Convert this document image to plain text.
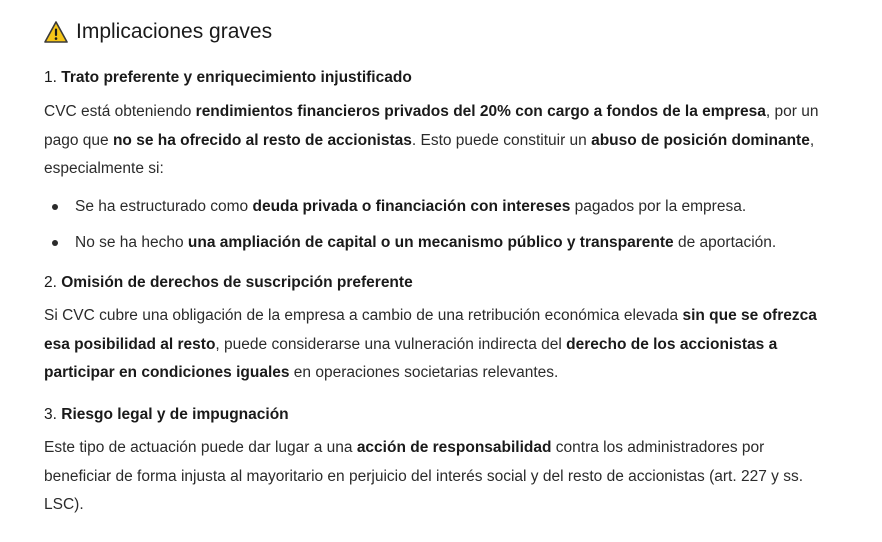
Implicaciones graves
1. Trato preferente y enriquecimiento injustificado

CVC está obteniendo rendimientos financieros privados del 20% con cargo a fondos de la empresa, por un pago que no se ha ofrecido al resto de accionistas. Esto puede constituir un abuso de posición dominante, especialmente si:

Se ha estructurado como deuda privada o financiación con intereses pagados por la empresa.
No se ha hecho una ampliación de capital o un mecanismo público y transparente de aportación.
2. Omisión de derechos de suscripción preferente

Si CVC cubre una obligación de la empresa a cambio de una retribución económica elevada sin que se ofrezca esa posibilidad al resto, puede considerarse una vulneración indirecta del derecho de los accionistas a participar en condiciones iguales en operaciones societarias relevantes.

3. Riesgo legal y de impugnación

Este tipo de actuación puede dar lugar a una acción de responsabilidad contra los administradores por beneficiar de forma injusta al mayoritario en perjuicio del interés social y del resto de accionistas (art. 227 y ss. LSC).
